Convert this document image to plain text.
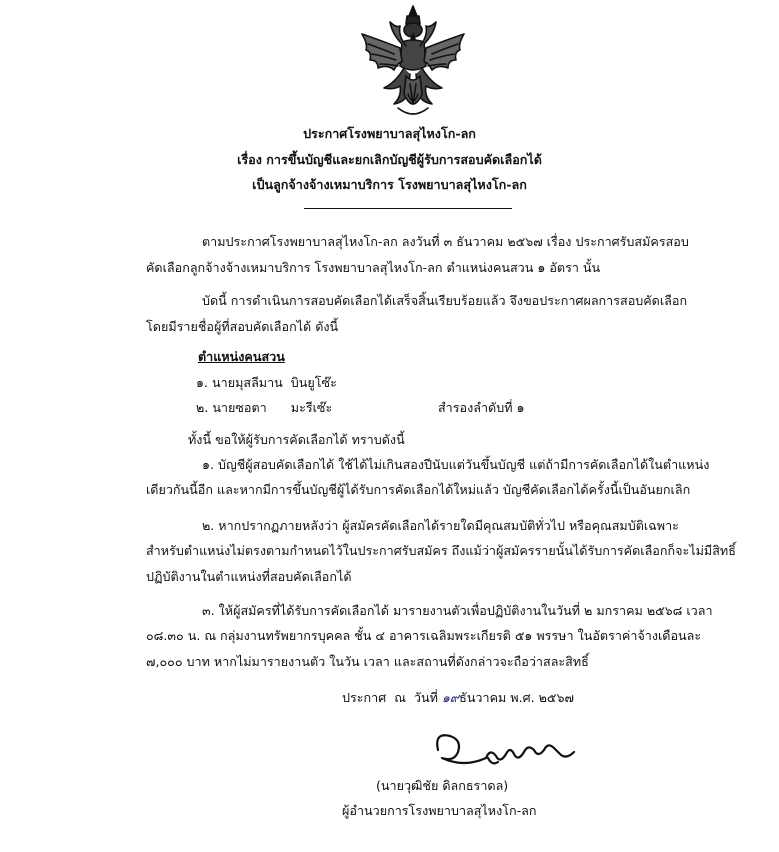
ประกาศโรงพยาบาลสุไหงโก-ลก
เรื่อง การขึ้นบัญชีและยกเลิกบัญชีผู้รับการสอบคัดเลือกได้
เป็นลูกจ้างจ้างเหมาบริการ โรงพยาบาลสุไหงโก-ลก
ตามประกาศโรงพยาบาลสุไหงโก-ลก ลงวันที่ ๓ ธันวาคม ๒๕๖๗ เรื่อง ประกาศรับสมัครสอบ
คัดเลือกลูกจ้างจ้างเหมาบริการ โรงพยาบาลสุไหงโก-ลก ตำแหน่งคนสวน ๑ อัตรา นั้น
บัดนี้ การดำเนินการสอบคัดเลือกได้เสร็จสิ้นเรียบร้อยแล้ว จึงขอประกาศผลการสอบคัดเลือก
โดยมีรายชื่อผู้ที่สอบคัดเลือกได้ ดังนี้
ตำแหน่งคนสวน
๑. นายมุสลีมาน  บินยูโซ๊ะ
๒. นายซอตา      มะรีเซ๊ะ	สำรองลำดับที่ ๑
ทั้งนี้ ขอให้ผู้รับการคัดเลือกได้ ทราบดังนี้
๑. บัญชีผู้สอบคัดเลือกได้ ใช้ได้ไม่เกินสองปีนับแต่วันขึ้นบัญชี แต่ถ้ามีการคัดเลือกได้ในตำแหน่ง
เดียวกันนี้อีก และหากมีการขึ้นบัญชีผู้ได้รับการคัดเลือกได้ใหม่แล้ว บัญชีคัดเลือกได้ครั้งนี้เป็นอันยกเลิก
๒. หากปรากฏภายหลังว่า ผู้สมัครคัดเลือกได้รายใดมีคุณสมบัติทั่วไป หรือคุณสมบัติเฉพาะ
สำหรับตำแหน่งไม่ตรงตามกำหนดไว้ในประกาศรับสมัคร ถึงแม้ว่าผู้สมัครรายนั้นได้รับการคัดเลือกก็จะไม่มีสิทธิ์
ปฏิบัติงานในตำแหน่งที่สอบคัดเลือกได้
๓. ให้ผู้สมัครที่ได้รับการคัดเลือกได้ มารายงานตัวเพื่อปฏิบัติงานในวันที่ ๒ มกราคม ๒๕๖๘ เวลา
๐๘.๓๐ น. ณ กลุ่มงานทรัพยากรบุคคล ชั้น ๔ อาคารเฉลิมพระเกียรติ ๕๑ พรรษา ในอัตราค่าจ้างเดือนละ
๗,๐๐๐ บาท หากไม่มารายงานตัว ในวัน เวลา และสถานที่ดังกล่าวจะถือว่าสละสิทธิ์
ประกาศ  ณ  วันที่ ๑๙ธันวาคม พ.ศ. ๒๕๖๗
(นายวุฒิชัย ดิลกธราดล)
ผู้อำนวยการโรงพยาบาลสุไหงโก-ลก
